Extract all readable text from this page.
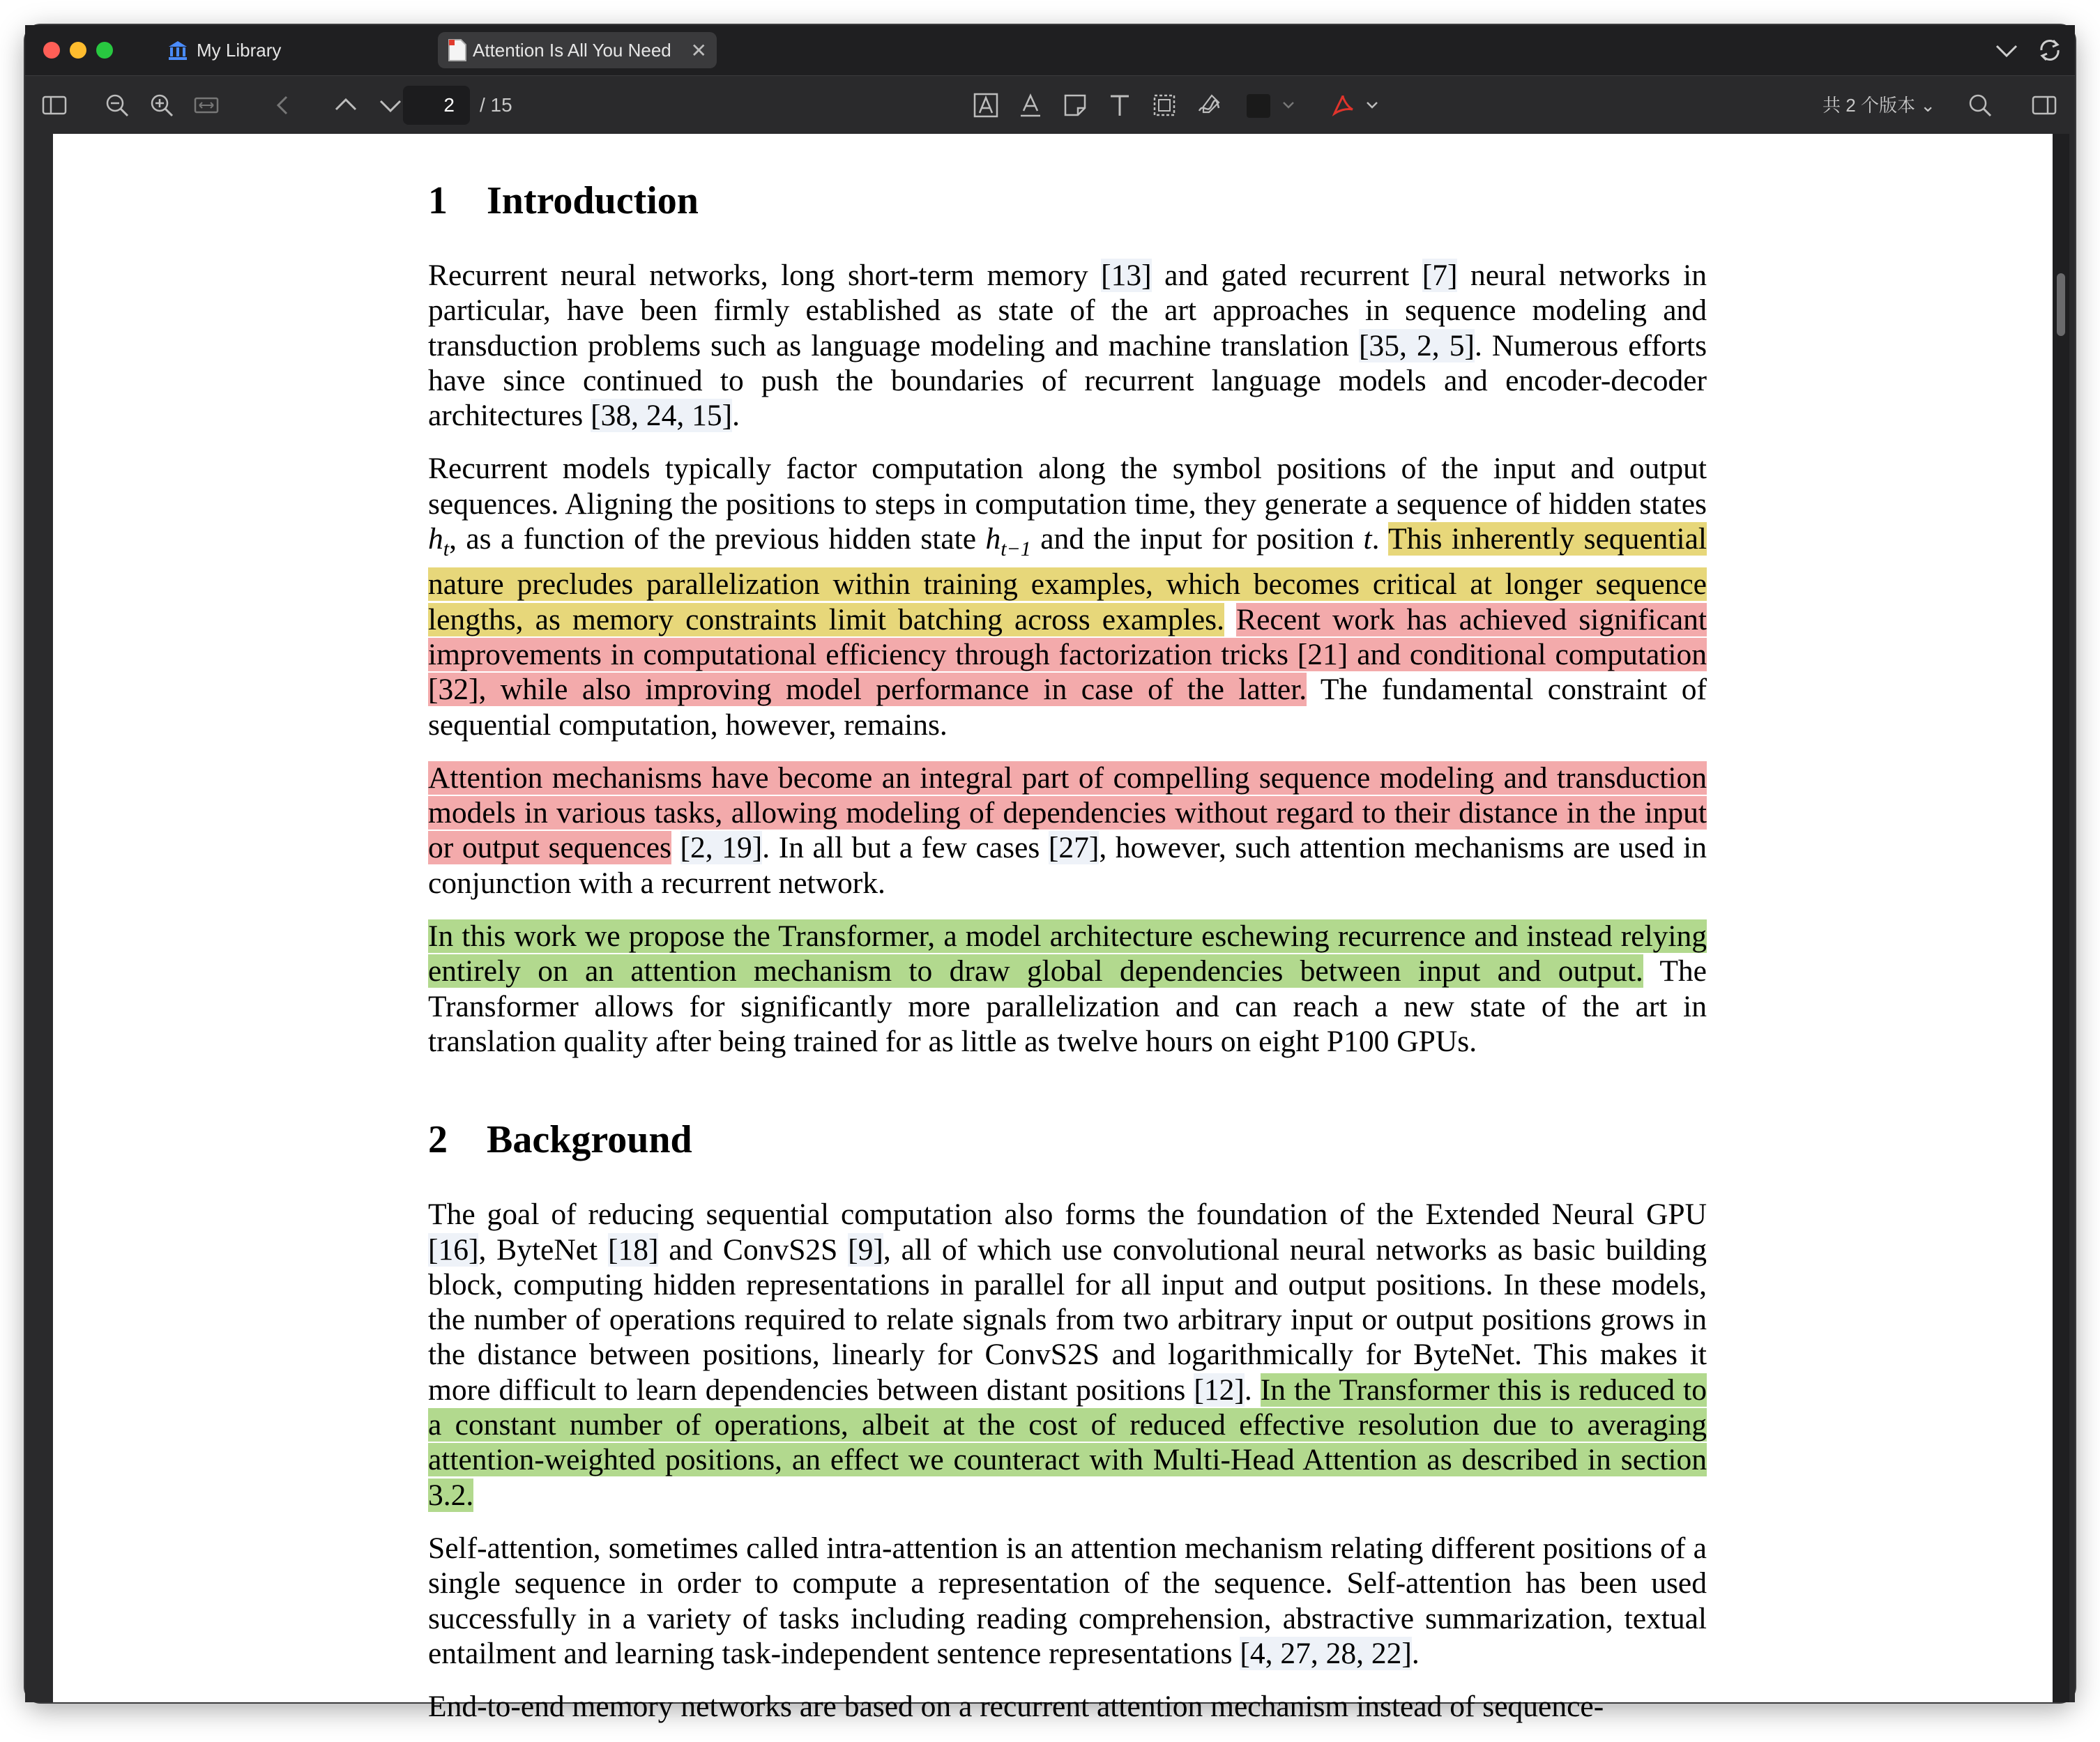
My Library	Attention Is All You Need ✕
2	/ 15	共 2 个版本 ⌄
1	Introduction

Recurrent neural networks, long short-term memory [13] and gated recurrent [7] neural networks in particular, have been firmly established as state of the art approaches in sequence modeling and transduction problems such as language modeling and machine translation [35, 2, 5]. Numerous efforts have since continued to push the boundaries of recurrent language models and encoder-decoder architectures [38, 24, 15].

Recurrent models typically factor computation along the symbol positions of the input and output sequences. Aligning the positions to steps in computation time, they generate a sequence of hidden states $h_t$, as a function of the previous hidden state $h_{t-1}$ and the input for position t. This inherently sequential nature precludes parallelization within training examples, which becomes critical at longer sequence lengths, as memory constraints limit batching across examples. Recent work has achieved significant improvements in computational efficiency through factorization tricks [21] and conditional computation [32], while also improving model performance in case of the latter. The fundamental constraint of sequential computation, however, remains.

Attention mechanisms have become an integral part of compelling sequence modeling and transduction models in various tasks, allowing modeling of dependencies without regard to their distance in the input or output sequences [2, 19]. In all but a few cases [27], however, such attention mechanisms are used in conjunction with a recurrent network.

In this work we propose the Transformer, a model architecture eschewing recurrence and instead relying entirely on an attention mechanism to draw global dependencies between input and output. The Transformer allows for significantly more parallelization and can reach a new state of the art in translation quality after being trained for as little as twelve hours on eight P100 GPUs.

2	Background

The goal of reducing sequential computation also forms the foundation of the Extended Neural GPU [16], ByteNet [18] and ConvS2S [9], all of which use convolutional neural networks as basic building block, computing hidden representations in parallel for all input and output positions. In these models, the number of operations required to relate signals from two arbitrary input or output positions grows in the distance between positions, linearly for ConvS2S and logarithmically for ByteNet. This makes it more difficult to learn dependencies between distant positions [12]. In the Transformer this is reduced to a constant number of operations, albeit at the cost of reduced effective resolution due to averaging attention-weighted positions, an effect we counteract with Multi-Head Attention as described in section 3.2.

Self-attention, sometimes called intra-attention is an attention mechanism relating different positions of a single sequence in order to compute a representation of the sequence. Self-attention has been used successfully in a variety of tasks including reading comprehension, abstractive summarization, textual entailment and learning task-independent sentence representations [4, 27, 28, 22].

End-to-end memory networks are based on a recurrent attention mechanism instead of sequence-
